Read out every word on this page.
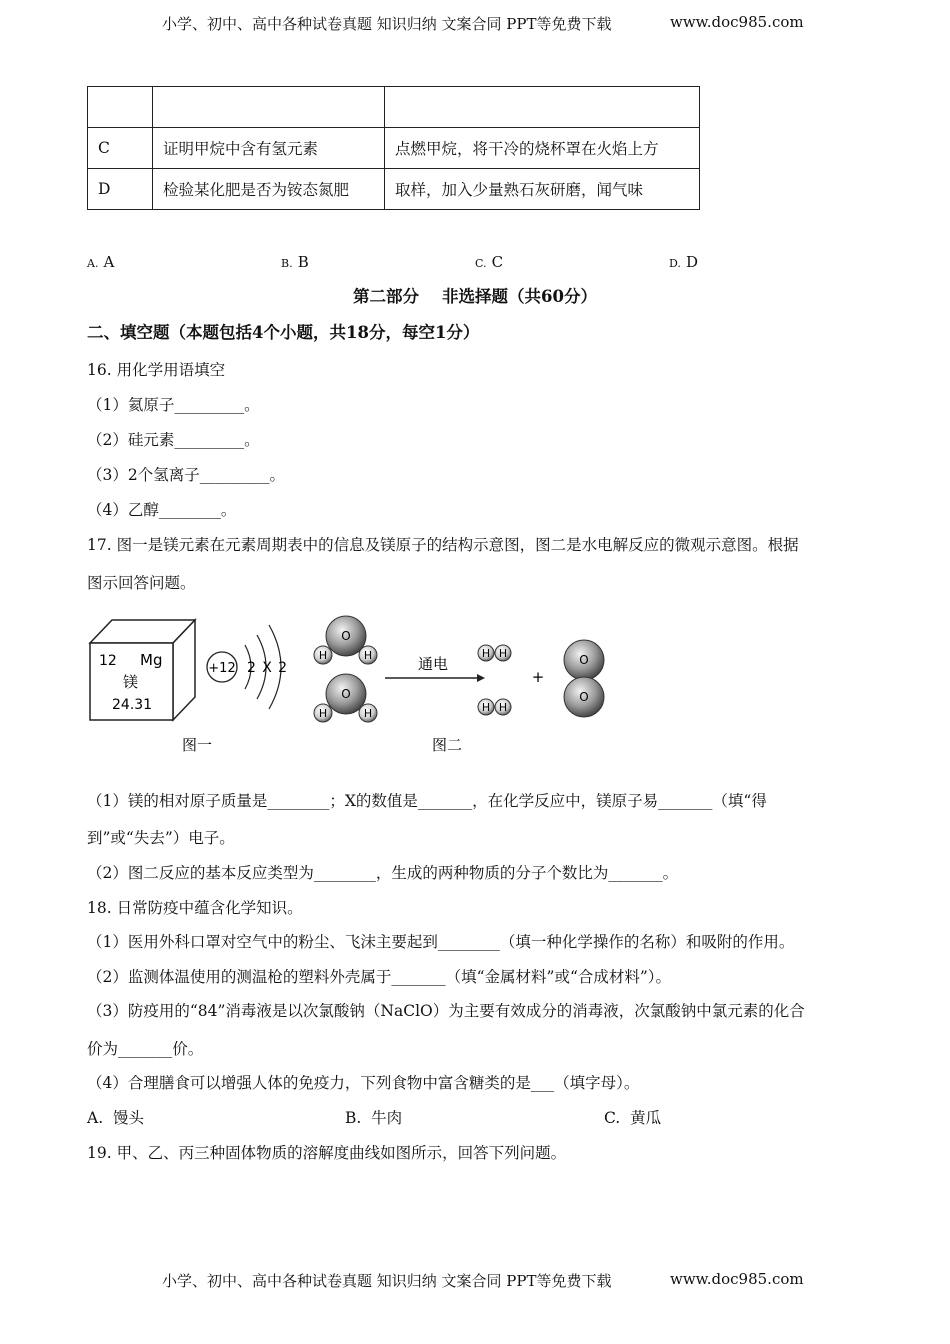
小学、初中、高中各种试卷真题 知识归纳 文案合同 PPT等免费下载	www.doc985.com

C	证明甲烷中含有氢元素	点燃甲烷，将干冷的烧杯罩在火焰上方
D	检验某化肥是否为铵态氮肥	取样，加入少量熟石灰研磨，闻气味
A. A	B. B	C. C	D. D
第二部分    非选择题（共60分）
二、填空题（本题包括4个小题，共18分，每空1分）
16. 用化学用语填空
（1）氦原子_________。
（2）硅元素_________。
（3）2个氢离子_________。
（4）乙醇________。
17. 图一是镁元素在元素周期表中的信息及镁原子的结构示意图，图二是水电解反应的微观示意图。根据
图示回答问题。
12 Mg
镁
24.31
+12 2 X 2
图一
O
H	H
O
H	H
通电
H H
H H
+
O
O
图二
（1）镁的相对原子质量是________；X的数值是_______，在化学反应中，镁原子易_______（填“得
到”或“失去”）电子。
（2）图二反应的基本反应类型为________，生成的两种物质的分子个数比为_______。
18. 日常防疫中蕴含化学知识。
（1）医用外科口罩对空气中的粉尘、飞沫主要起到________（填一种化学操作的名称）和吸附的作用。
（2）监测体温使用的测温枪的塑料外壳属于_______（填“金属材料”或“合成材料”）。
（3）防疫用的“84”消毒液是以次氯酸钠（NaClO）为主要有效成分的消毒液，次氯酸钠中氯元素的化合
价为_______价。
（4）合理膳食可以增强人体的免疫力，下列食物中富含糖类的是___（填字母）。
A.  馒头	B.  牛肉	C.  黄瓜
19. 甲、乙、丙三种固体物质的溶解度曲线如图所示，回答下列问题。
小学、初中、高中各种试卷真题 知识归纳 文案合同 PPT等免费下载	www.doc985.com
